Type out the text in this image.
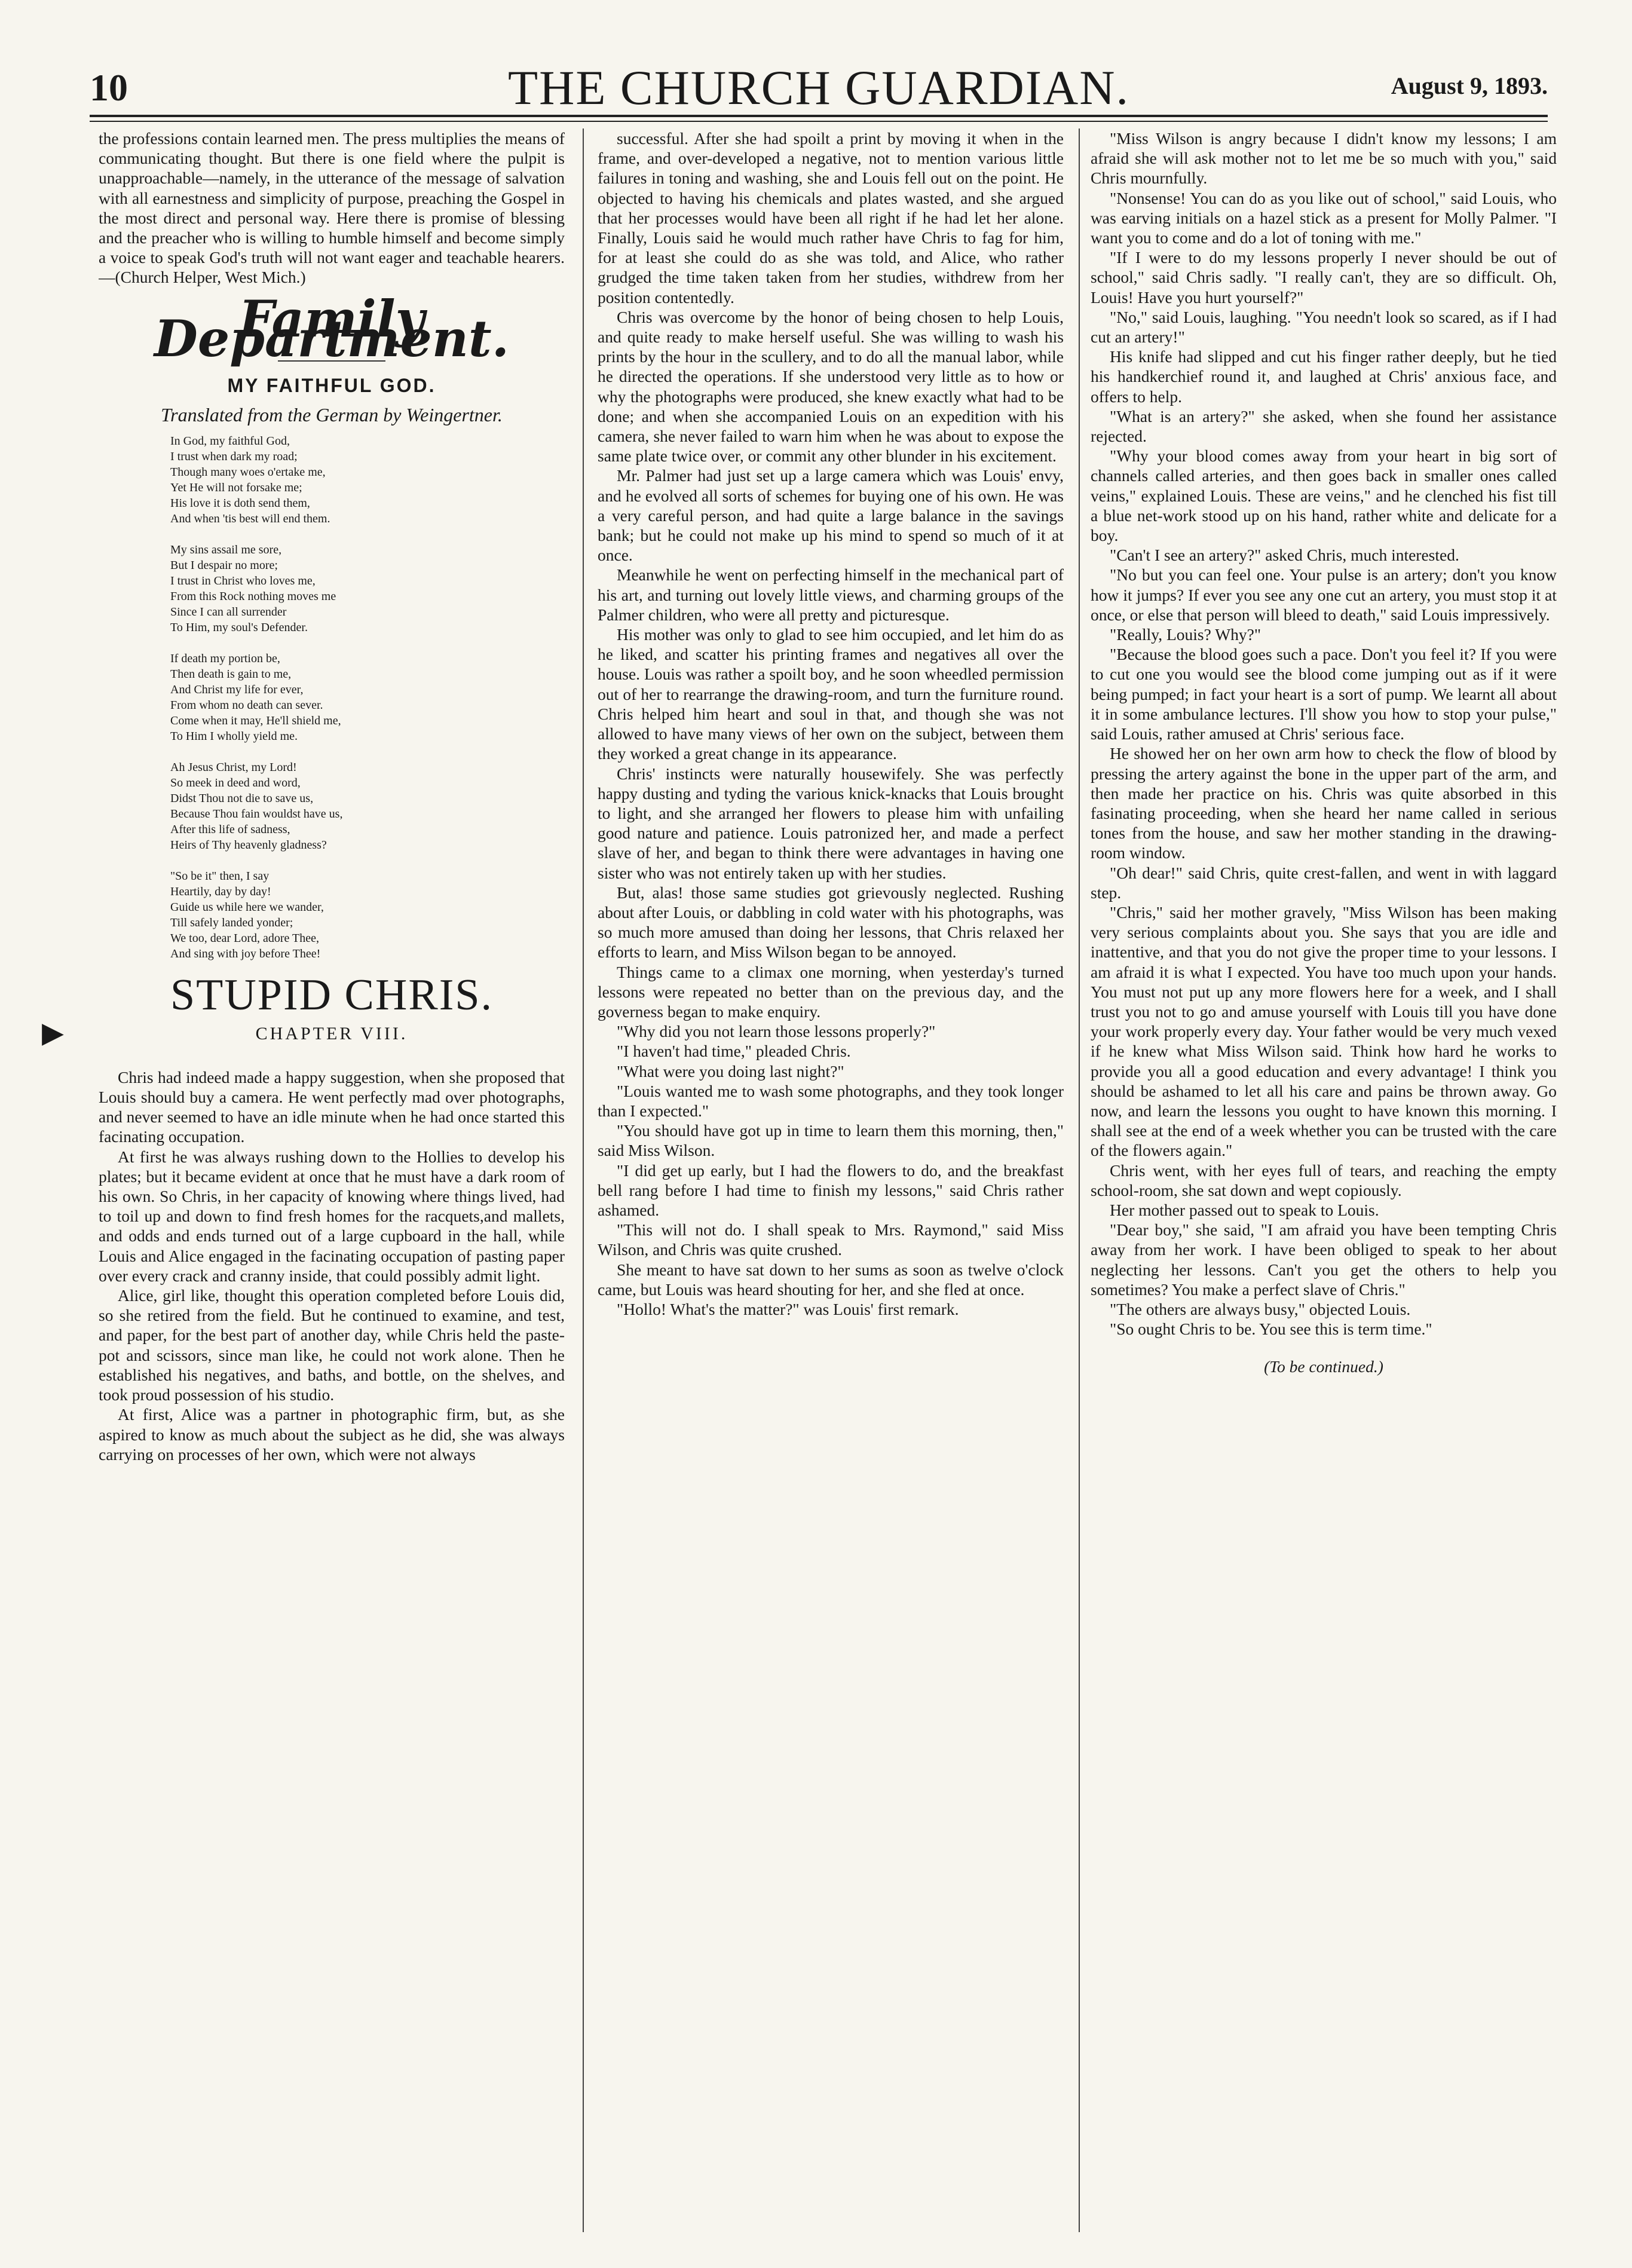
10	THE CHURCH GUARDIAN.	August 9, 1893.
▶

the professions contain learned men. The press multiplies the means of communicating thought. But there is one field where the pulpit is unapproachable—namely, in the utterance of the message of salvation with all earnestness and simplicity of purpose, preaching the Gospel in the most direct and personal way. Here there is promise of blessing and the preacher who is willing to humble himself and become simply a voice to speak God's truth will not want eager and teachable hearers.—(Church Helper, West Mich.)

Family Department.
MY FAITHFUL GOD.
Translated from the German by Weingertner.
In God, my faithful God,
I trust when dark my road;
Though many woes o'ertake me,
Yet He will not forsake me;
His love it is doth send them,
And when 'tis best will end them.
My sins assail me sore,
But I despair no more;
I trust in Christ who loves me,
From this Rock nothing moves me
Since I can all surrender
To Him, my soul's Defender.
If death my portion be,
Then death is gain to me,
And Christ my life for ever,
From whom no death can sever.
Come when it may, He'll shield me,
To Him I wholly yield me.
Ah Jesus Christ, my Lord!
So meek in deed and word,
Didst Thou not die to save us,
Because Thou fain wouldst have us,
After this life of sadness,
Heirs of Thy heavenly gladness?
"So be it" then, I say
Heartily, day by day!
Guide us while here we wander,
Till safely landed yonder;
We too, dear Lord, adore Thee,
And sing with joy before Thee!
STUPID CHRIS.
CHAPTER VIII.

Chris had indeed made a happy suggestion, when she proposed that Louis should buy a camera. He went perfectly mad over photographs, and never seemed to have an idle minute when he had once started this facinating occupation.

At first he was always rushing down to the Hollies to develop his plates; but it became evident at once that he must have a dark room of his own. So Chris, in her capacity of knowing where things lived, had to toil up and down to find fresh homes for the racquets,and mallets, and odds and ends turned out of a large cupboard in the hall, while Louis and Alice engaged in the facinating occupation of pasting paper over every crack and cranny inside, that could possibly admit light.

Alice, girl like, thought this operation completed before Louis did, so she retired from the field. But he continued to examine, and test, and paper, for the best part of another day, while Chris held the paste-pot and scissors, since man like, he could not work alone. Then he established his negatives, and baths, and bottle, on the shelves, and took proud possession of his studio.

At first, Alice was a partner in photographic firm, but, as she aspired to know as much about the subject as he did, she was always carrying on processes of her own, which were not always

successful. After she had spoilt a print by moving it when in the frame, and over-developed a negative, not to mention various little failures in toning and washing, she and Louis fell out on the point. He objected to having his chemicals and plates wasted, and she argued that her processes would have been all right if he had let her alone. Finally, Louis said he would much rather have Chris to fag for him, for at least she could do as she was told, and Alice, who rather grudged the time taken taken from her studies, withdrew from her position contentedly.

Chris was overcome by the honor of being chosen to help Louis, and quite ready to make herself useful. She was willing to wash his prints by the hour in the scullery, and to do all the manual labor, while he directed the operations. If she understood very little as to how or why the photographs were produced, she knew exactly what had to be done; and when she accompanied Louis on an expedition with his camera, she never failed to warn him when he was about to expose the same plate twice over, or commit any other blunder in his excitement.

Mr. Palmer had just set up a large camera which was Louis' envy, and he evolved all sorts of schemes for buying one of his own. He was a very careful person, and had quite a large balance in the savings bank; but he could not make up his mind to spend so much of it at once.

Meanwhile he went on perfecting himself in the mechanical part of his art, and turning out lovely little views, and charming groups of the Palmer children, who were all pretty and picturesque.

His mother was only to glad to see him occupied, and let him do as he liked, and scatter his printing frames and negatives all over the house. Louis was rather a spoilt boy, and he soon wheedled permission out of her to rearrange the drawing-room, and turn the furniture round. Chris helped him heart and soul in that, and though she was not allowed to have many views of her own on the subject, between them they worked a great change in its appearance.

Chris' instincts were naturally housewifely. She was perfectly happy dusting and tyding the various knick-knacks that Louis brought to light, and she arranged her flowers to please him with unfailing good nature and patience. Louis patronized her, and made a perfect slave of her, and began to think there were advantages in having one sister who was not entirely taken up with her studies.

But, alas! those same studies got grievously neglected. Rushing about after Louis, or dabbling in cold water with his photographs, was so much more amused than doing her lessons, that Chris relaxed her efforts to learn, and Miss Wilson began to be annoyed.

Things came to a climax one morning, when yesterday's turned lessons were repeated no better than on the previous day, and the governess began to make enquiry.

"Why did you not learn those lessons properly?"

"I haven't had time," pleaded Chris.

"What were you doing last night?"

"Louis wanted me to wash some photographs, and they took longer than I expected."

"You should have got up in time to learn them this morning, then," said Miss Wilson.

"I did get up early, but I had the flowers to do, and the breakfast bell rang before I had time to finish my lessons," said Chris rather ashamed.

"This will not do. I shall speak to Mrs. Raymond," said Miss Wilson, and Chris was quite crushed.

She meant to have sat down to her sums as soon as twelve o'clock came, but Louis was heard shouting for her, and she fled at once.

"Hollo! What's the matter?" was Louis' first remark.

"Miss Wilson is angry because I didn't know my lessons; I am afraid she will ask mother not to let me be so much with you," said Chris mournfully.

"Nonsense! You can do as you like out of school," said Louis, who was earving initials on a hazel stick as a present for Molly Palmer. "I want you to come and do a lot of toning with me."

"If I were to do my lessons properly I never should be out of school," said Chris sadly. "I really can't, they are so difficult. Oh, Louis! Have you hurt yourself?"

"No," said Louis, laughing. "You needn't look so scared, as if I had cut an artery!"

His knife had slipped and cut his finger rather deeply, but he tied his handkerchief round it, and laughed at Chris' anxious face, and offers to help.

"What is an artery?" she asked, when she found her assistance rejected.

"Why your blood comes away from your heart in big sort of channels called arteries, and then goes back in smaller ones called veins," explained Louis. These are veins," and he clenched his fist till a blue net-work stood up on his hand, rather white and delicate for a boy.

"Can't I see an artery?" asked Chris, much interested.

"No but you can feel one. Your pulse is an artery; don't you know how it jumps? If ever you see any one cut an artery, you must stop it at once, or else that person will bleed to death," said Louis impressively.

"Really, Louis? Why?"

"Because the blood goes such a pace. Don't you feel it? If you were to cut one you would see the blood come jumping out as if it were being pumped; in fact your heart is a sort of pump. We learnt all about it in some ambulance lectures. I'll show you how to stop your pulse," said Louis, rather amused at Chris' serious face.

He showed her on her own arm how to check the flow of blood by pressing the artery against the bone in the upper part of the arm, and then made her practice on his. Chris was quite absorbed in this fasinating proceeding, when she heard her name called in serious tones from the house, and saw her mother standing in the drawing-room window.

"Oh dear!" said Chris, quite crest-fallen, and went in with laggard step.

"Chris," said her mother gravely, "Miss Wilson has been making very serious complaints about you. She says that you are idle and inattentive, and that you do not give the proper time to your lessons. I am afraid it is what I expected. You have too much upon your hands. You must not put up any more flowers here for a week, and I shall trust you not to go and amuse yourself with Louis till you have done your work properly every day. Your father would be very much vexed if he knew what Miss Wilson said. Think how hard he works to provide you all a good education and every advantage! I think you should be ashamed to let all his care and pains be thrown away. Go now, and learn the lessons you ought to have known this morning. I shall see at the end of a week whether you can be trusted with the care of the flowers again."

Chris went, with her eyes full of tears, and reaching the empty school-room, she sat down and wept copiously.

Her mother passed out to speak to Louis.

"Dear boy," she said, "I am afraid you have been tempting Chris away from her work. I have been obliged to speak to her about neglecting her lessons. Can't you get the others to help you sometimes? You make a perfect slave of Chris."

"The others are always busy," objected Louis.

"So ought Chris to be. You see this is term time."

(To be continued.)
